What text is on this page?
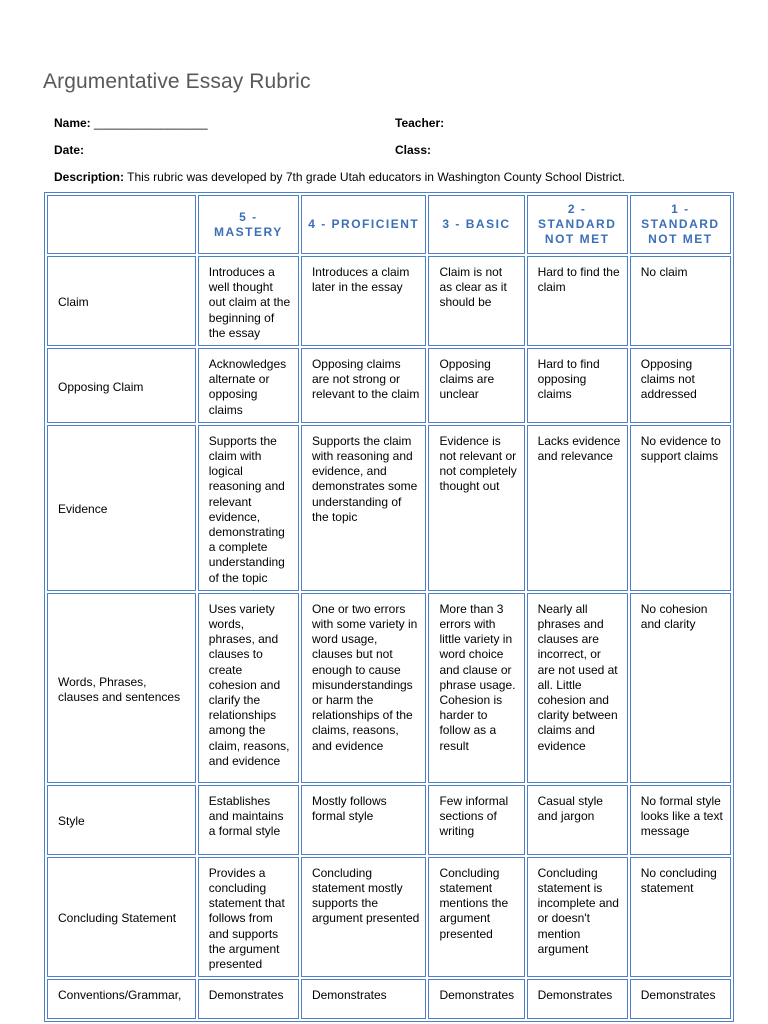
Argumentative Essay Rubric
Name: _________________	Teacher:
Date:	Class:
Description: This rubric was developed by 7th grade Utah educators in Washington County School District.
	5 - MASTERY	4 - PROFICIENT	3 - BASIC	2 - STANDARD NOT MET	1 - STANDARD NOT MET
Claim	Introduces a well thought out claim at the beginning of the essay	Introduces a claim later in the essay	Claim is not as clear as it should be	Hard to find the claim	No claim
Opposing Claim	Acknowledges alternate or opposing claims	Opposing claims are not strong or relevant to the claim	Opposing claims are unclear	Hard to find opposing claims	Opposing claims not addressed
Evidence	Supports the claim with logical reasoning and relevant evidence, demonstrating a complete understanding of the topic	Supports the claim with reasoning and evidence, and demonstrates some understanding of the topic	Evidence is not relevant or not completely thought out	Lacks evidence and relevance	No evidence to support claims
Words, Phrases, clauses and sentences	Uses variety words, phrases, and clauses to create cohesion and clarify the relationships among the claim, reasons, and evidence	One or two errors with some variety in word usage, clauses but not enough to cause misunderstandings or harm the relationships of the claims, reasons, and evidence	More than 3 errors with little variety in word choice and clause or phrase usage. Cohesion is harder to follow as a result	Nearly all phrases and clauses are incorrect, or are not used at all. Little cohesion and clarity between claims and evidence	No cohesion and clarity
Style	Establishes and maintains a formal style	Mostly follows formal style	Few informal sections of writing	Casual style and jargon	No formal style looks like a text message
Concluding Statement	Provides a concluding statement that follows from and supports the argument presented	Concluding statement mostly supports the argument presented	Concluding statement mentions the argument presented	Concluding statement is incomplete and or doesn't mention argument	No concluding statement
Conventions/Grammar,	Demonstrates	Demonstrates	Demonstrates	Demonstrates	Demonstrates
